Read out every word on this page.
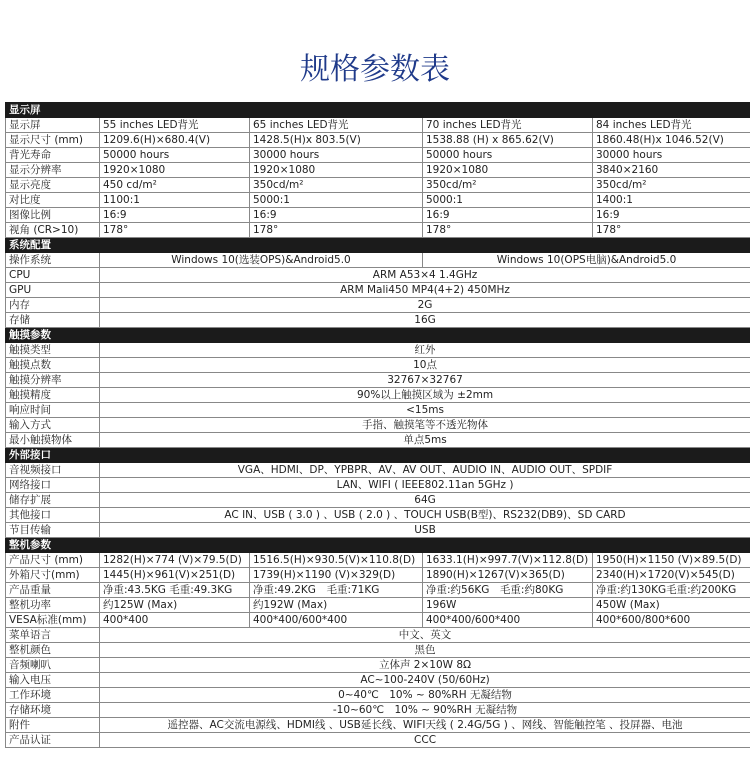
规格参数表
显示屏				
显示屏	55 inches LED背光	65 inches LED背光	70 inches LED背光	84 inches LED背光
显示尺寸 (mm)	1209.6(H)×680.4(V)	1428.5(H)x 803.5(V)	1538.88 (H) x 865.62(V)	1860.48(H)x 1046.52(V)
背光寿命	50000 hours	30000 hours	50000 hours	30000 hours
显示分辨率	1920×1080	1920×1080	1920×1080	3840×2160
显示亮度	450 cd/m²	350cd/m²	350cd/m²	350cd/m²
对比度	1100:1	5000:1	5000:1	1400:1
图像比例	16:9	16:9	16:9	16:9
视角 (CR>10)	178°	178°	178°	178°
系统配置				
操作系统	Windows 10(选装OPS)&Android5.0		Windows 10(OPS电脑)&Android5.0	
CPU	ARM A53×4 1.4GHz			
GPU	ARM Mali450 MP4(4+2) 450MHz			
内存	2G			
存储	16G			
触摸参数				
触摸类型	红外			
触摸点数	10点			
触摸分辨率	32767×32767			
触摸精度	90%以上触摸区域为 ±2mm			
响应时间	<15ms			
输入方式	手指、触摸笔等不透光物体			
最小触摸物体	单点5ms			
外部接口				
音视频接口	VGA、HDMI、DP、YPBPR、AV、AV OUT、AUDIO IN、AUDIO OUT、SPDIF			
网络接口	LAN、WIFI ( IEEE802.11an 5GHz )			
储存扩展	64G			
其他接口	AC IN、USB ( 3.0 ) 、USB ( 2.0 ) 、TOUCH USB(B型)、RS232(DB9)、SD CARD			
节目传输	USB			
整机参数				
产品尺寸 (mm)	1282(H)×774 (V)×79.5(D)	1516.5(H)×930.5(V)×110.8(D)	1633.1(H)×997.7(V)×112.8(D)	1950(H)×1150 (V)×89.5(D)
外箱尺寸(mm)	1445(H)×961(V)×251(D)	1739(H)×1190 (V)×329(D)	1890(H)×1267(V)×365(D)	2340(H)×1720(V)×545(D)
产品重量	净重:43.5KG 毛重:49.3KG	净重:49.2KG　毛重:71KG	净重:约56KG　毛重:约80KG	净重:约130KG毛重:约200KG
整机功率	约125W (Max)	约192W (Max)	196W	450W (Max)
VESA标准(mm)	400*400	400*400/600*400	400*400/600*400	400*600/800*600
菜单语言	中文、英文			
整机颜色	黑色			
音频喇叭	立体声 2×10W 8Ω			
输入电压	AC~100-240V (50/60Hz)			
工作环境	0~40℃　10% ~ 80%RH 无凝结物			
存储环境	-10~60℃　10% ~ 90%RH 无凝结物			
附件	遥控器、AC交流电源线、HDMI线 、USB延长线、WIFI天线 ( 2.4G/5G ) 、网线、智能触控笔 、投屏器、电池			
产品认证	CCC			
